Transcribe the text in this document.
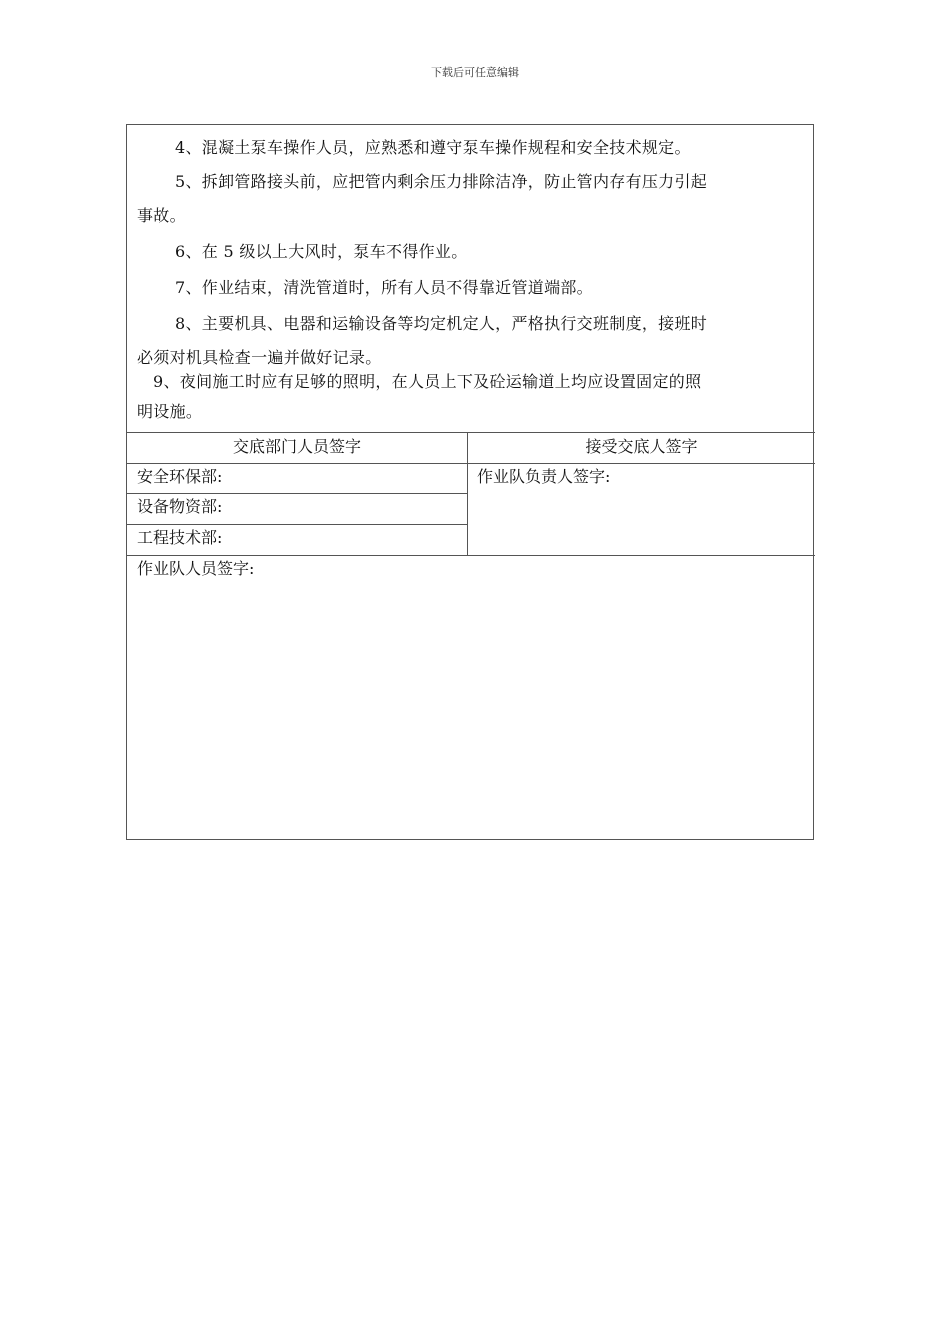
下载后可任意编辑
4、混凝土泵车操作人员，应熟悉和遵守泵车操作规程和安全技术规定。
5、拆卸管路接头前，应把管内剩余压力排除洁净，防止管内存有压力引起
事故。
6、在 5 级以上大风时，泵车不得作业。
7、作业结束，清洗管道时，所有人员不得靠近管道端部。
8、主要机具、电器和运输设备等均定机定人，严格执行交班制度，接班时
必须对机具检查一遍并做好记录。
9、夜间施工时应有足够的照明，在人员上下及砼运输道上均应设置固定的照
明设施。
交底部门人员签字	接受交底人签字
安全环保部:
设备物资部:
工程技术部:
作业队负责人签字:
作业队人员签字:
